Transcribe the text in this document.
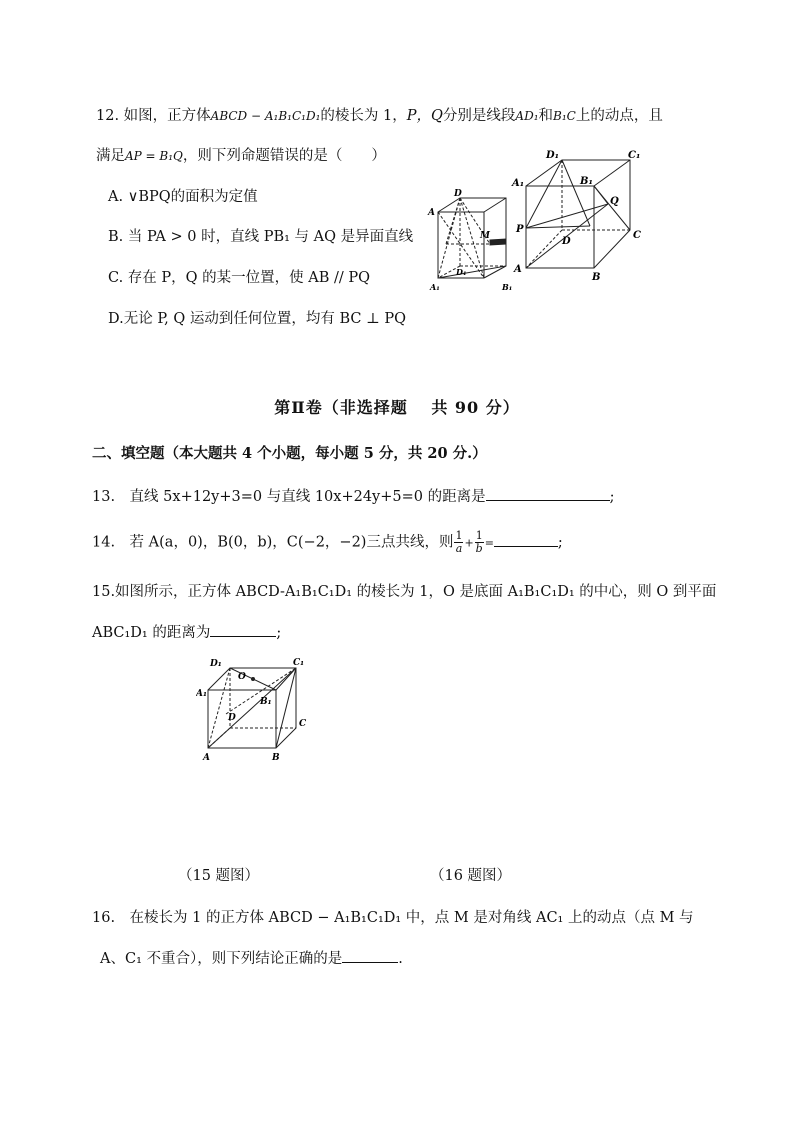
12. 如图，正方体ABCD − A₁B₁C₁D₁的棱长为 1，P，Q分别是线段AD₁和B₁C上的动点，且
满足AP = B₁Q，则下列命题错误的是（　　）
A. ∨BPQ的面积为定值
B. 当 PA > 0 时，直线 PB₁ 与 AQ 是异面直线
C. 存在 P，Q 的某一位置，使 AB // PQ
D.无论 P, Q 运动到任何位置，均有 BC ⊥ PQ
D
A
M
D₁
A₁	B₁
D₁	C₁
A₁	B₁
Q
P
D
C
A
B
第Ⅱ卷（非选择题　 共 90 分）
二、填空题（本大题共 4 个小题，每小题 5 分，共 20 分.）
13.　直线 5x+12y+3=0 与直线 10x+24y+5=0 的距离是	;
14.　若 A(a，0)，B(0，b)，C(−2，−2)三点共线，则 $\frac{1}{a} + \frac{1}{b}$ =	;
15.如图所示，正方体 ABCD-A₁B₁C₁D₁ 的棱长为 1，O 是底面 A₁B₁C₁D₁ 的中心，则 O 到平面
ABC₁D₁ 的距离为	;
D₁	C₁
O
A₁
B₁
D
C
A	B
（15 题图）	（16 题图）
16.　在棱长为 1 的正方体 ABCD − A₁B₁C₁D₁ 中，点 M 是对角线 AC₁ 上的动点（点 M 与
A、C₁ 不重合），则下列结论正确的是	.
